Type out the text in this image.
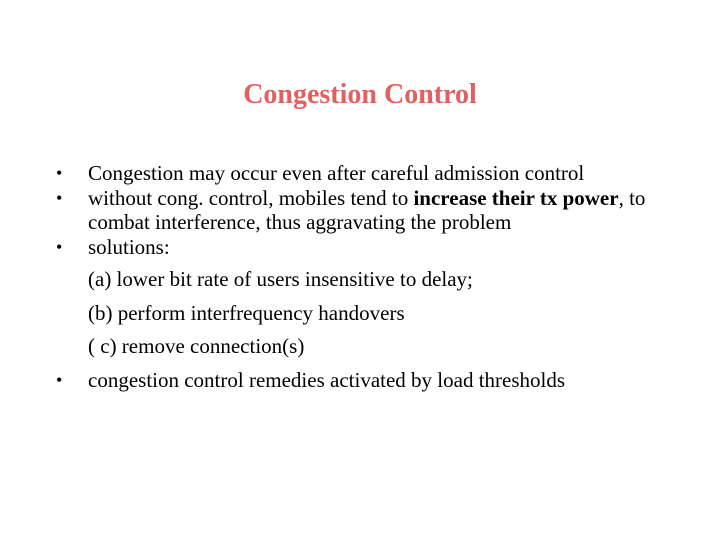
Congestion Control
•	Congestion may occur even after careful admission control
•	without cong. control, mobiles tend to increase their tx power, to combat interference, thus aggravating the problem
•	solutions:
(a) lower bit rate of users insensitive to delay;
(b) perform interfrequency handovers
( c) remove connection(s)
•	congestion control remedies activated by load thresholds
